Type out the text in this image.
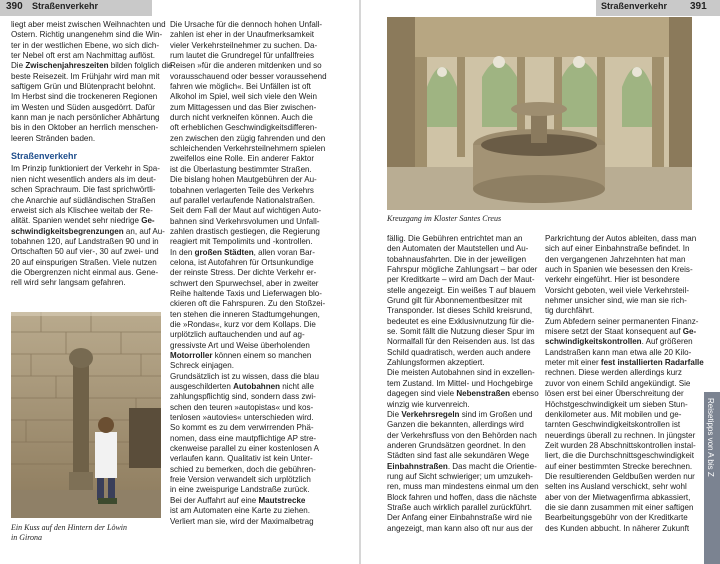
390 Straßenverkehr
liegt aber meist zwischen Weihnachten und
Ostern. Richtig unangenehm sind die Win-
ter in der westlichen Ebene, wo sich dich-
ter Nebel oft erst am Nachmittag auflöst.
Die Zwischenjahreszeiten bilden folglich die
beste Reisezeit. Im Frühjahr wird man mit
saftigem Grün und Blütenpracht belohnt.
Im Herbst sind die trockeneren Regionen
im Westen und Süden ausgedörrt. Dafür
kann man je nach persönlicher Abhärtung
bis in den Oktober an herrlich menschen-
leeren Stränden baden.
Straßenverkehr
Im Prinzip funktioniert der Verkehr in Spa-
nien nicht wesentlich anders als im deut-
schen Sprachraum. Die fast sprichwörtli-
che Anarchie auf südländischen Straßen
erweist sich als Klischee weitab der Re-
alität. Spanien wendet sehr niedrige Ge-
schwindigkeitsbegrenzungen an, auf Au-
tobahnen 120, auf Landstraßen 90 und in
Ortschaften 50 auf vier-, 30 auf zwei- und
20 auf einspurigen Straßen. Viele nutzen
die Obergrenzen nicht einmal aus. Gene-
rell wird sehr langsam gefahren.
Ein Kuss auf den Hintern der Löwin
in Girona
Die Ursache für die dennoch hohen Unfall-
zahlen ist eher in der Unaufmerksamkeit
vieler Verkehrsteilnehmer zu suchen. Da-
rum lautet die Grundregel für unfallfreies
Reisen »für die anderen mitdenken und so
vorausschauend oder besser voraussehend
fahren wie möglich«. Bei Unfällen ist oft
Alkohol im Spiel, weil sich viele den Wein
zum Mittagessen und das Bier zwischen-
durch nicht verkneifen können. Auch die
oft erheblichen Geschwindigkeitsdifferen-
zen zwischen den zügig fahrenden und den
schleichenden Verkehrsteilnehmern spielen
zweifellos eine Rolle. Ein anderer Faktor
ist die Überlastung bestimmter Straßen.
Die bislang hohen Mautgebühren der Au-
tobahnen verlagerten Teile des Verkehrs
auf parallel verlaufende Nationalstraßen.
Seit dem Fall der Maut auf wichtigen Auto-
bahnen sind Verkehrsvolumen und Unfall-
zahlen drastisch gestiegen, die Regierung
reagiert mit Tempolimits und -kontrollen.
In den großen Städten, allen voran Bar-
celona, ist Autofahren für Ortsunkundige
der reinste Stress. Der dichte Verkehr er-
schwert den Spurwechsel, aber in zweiter
Reihe haltende Taxis und Lieferwagen blo-
ckieren oft die Fahrspuren. Zu den Stoßzei-
ten stehen die inneren Stadtumgehungen,
die »Rondas«, kurz vor dem Kollaps. Die
urplötzlich auftauchenden und auf ag-
gressivste Art und Weise überholenden
Motorroller können einem so manchen
Schreck einjagen.
Grundsätzlich ist zu wissen, dass die blau
ausgeschilderten Autobahnen nicht alle
zahlungspflichtig sind, sondern dass zwi-
schen den teuren »autopistas« und kos-
tenlosen »autovies« unterschieden wird.
So kommt es zu dem verwirrenden Phä-
nomen, dass eine mautpflichtige AP stre-
ckenweise parallel zu einer kostenlosen A
verlaufen kann. Qualitativ ist kein Unter-
schied zu bemerken, doch die gebühren-
freie Version verwandelt sich urplötzlich
in eine zweispurige Landstraße zurück.
Bei der Auffahrt auf eine Mautstrecke
ist am Automaten eine Karte zu ziehen.
Verliert man sie, wird der Maximalbetrag
Straßenverkehr 391
Kreuzgang im Kloster Santes Creus
fällig. Die Gebühren entrichtet man an
den Automaten der Mautstellen und Au-
tobahnausfahrten. Die in der jeweiligen
Fahrspur mögliche Zahlungsart – bar oder
per Kreditkarte – wird am Dach der Maut-
stelle angezeigt. Ein weißes T auf blauem
Grund gilt für Abonnementbesitzer mit
Transponder. Ist dieses Schild kreisrund,
bedeutet es eine Exklusivnutzung für die-
se. Somit fällt die Nutzung dieser Spur im
Normalfall für den Reisenden aus. Ist das
Schild quadratisch, werden auch andere
Zahlungsformen akzeptiert.
Die meisten Autobahnen sind in exzellen-
tem Zustand. Im Mittel- und Hochgebirge
dagegen sind viele Nebenstraßen ebenso
winzig wie kurvenreich.
Die Verkehrsregeln sind im Großen und
Ganzen die bekannten, allerdings wird
der Verkehrsfluss von den Behörden nach
anderen Grundsätzen geordnet. In den
Städten sind fast alle sekundären Wege
Einbahnstraßen. Das macht die Orientie-
rung auf Sicht schwieriger; um umzukeh-
ren, muss man mindestens einmal um den
Block fahren und hoffen, dass die nächste
Straße auch wirklich parallel zurückführt.
Der Anfang einer Einbahnstraße wird nie
angezeigt, man kann also oft nur aus der
Parkrichtung der Autos ableiten, dass man
sich auf einer Einbahnstraße befindet. In
den vergangenen Jahrzehnten hat man
auch in Spanien wie besessen den Kreis-
verkehr eingeführt. Hier ist besondere
Vorsicht geboten, weil viele Verkehrsteil-
nehmer unsicher sind, wie man sie rich-
tig durchfährt.
Zum Abfedern seiner permanenten Finanz-
misere setzt der Staat konsequent auf Ge-
schwindigkeitskontrollen. Auf größeren
Landstraßen kann man etwa alle 20 Kilo-
meter mit einer fest installierten Radarfalle
rechnen. Diese werden allerdings kurz
zuvor von einem Schild angekündigt. Sie
lösen erst bei einer Überschreitung der
Höchstgeschwindigkeit um sieben Stun-
denkilometer aus. Mit mobilen und ge-
tarnten Geschwindigkeitskontrollen ist
neuerdings überall zu rechnen. In jüngster
Zeit wurden 28 Abschnittskontrollen instal-
liert, die die Durchschnittsgeschwindigkeit
auf einer bestimmten Strecke berechnen.
Die resultierenden Geldbußen werden nur
selten ins Ausland verschickt, sehr wohl
aber von der Mietwagenfirma abkassiert,
die sie dann zusammen mit einer saftigen
Bearbeitungsgebühr von der Kreditkarte
des Kunden abbucht. In näherer Zukunft
Reisetipps von A bis Z
